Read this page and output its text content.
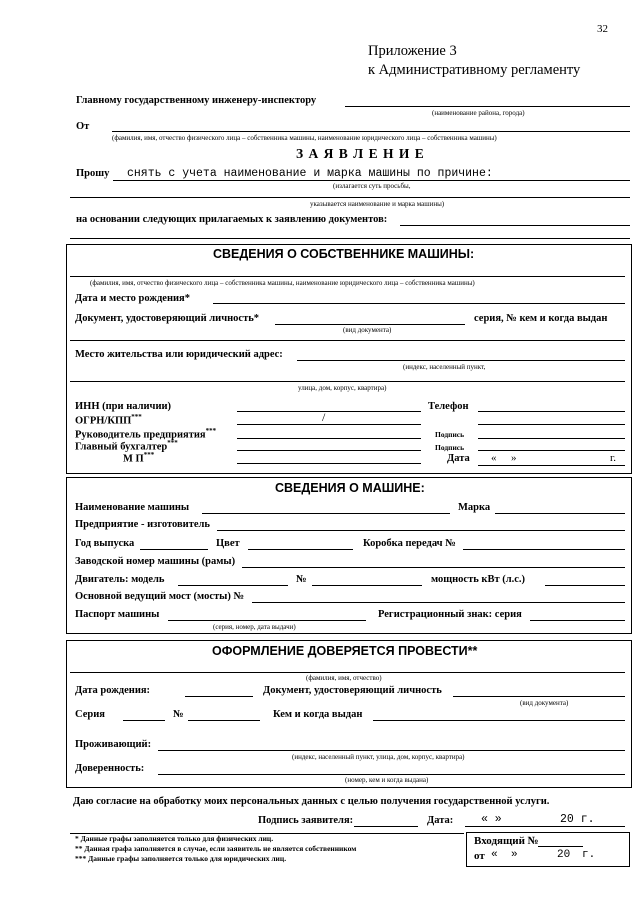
32
Приложение 3
к Административному регламенту
Главному государственному инженеру-инспектору
(наименование района, города)
От
(фамилия, имя, отчество физического лица – собственника машины, наименование юридического лица – собственника машины)
З А Я В Л Е Н И Е
Прошу снять с учета наименование и марка машины по причине:
(излагается суть просьбы,
указывается наименование и марка машины)
на основании следующих прилагаемых к заявлению документов:
СВЕДЕНИЯ О СОБСТВЕННИКЕ МАШИНЫ:
(фамилия, имя, отчество физического лица – собственника машины, наименование юридического лица – собственника машины)
Дата и место рождения*
Документ, удостоверяющий личность*	серия, № кем и когда выдан
(вид документа)
Место жительства или юридический адрес:
(индекс, населенный пункт,
улица, дом, корпус, квартира)
ИНН (при наличии)	Телефон
ОГРН/КПП***	/
Руководитель предприятия***	Подпись
Главный бухгалтер***	Подпись
М П***	Дата « »	г.
СВЕДЕНИЯ О МАШИНЕ:
Наименование машины	Марка
Предприятие - изготовитель
Год выпуска	Цвет	Коробка передач №
Заводской номер машины (рамы)
Двигатель: модель	№	мощность кВт (л.с.)
Основной ведущий мост (мосты) №
Паспорт машины	Регистрационный знак: серия
(серия, номер, дата выдачи)
ОФОРМЛЕНИЕ ДОВЕРЯЕТСЯ ПРОВЕСТИ**
(фамилия, имя, отчество)
Дата рождения:	Документ, удостоверяющий личность
(вид документа)
Серия	№	Кем и когда выдан
Проживающий:
(индекс, населенный пункт, улица, дом, корпус, квартира)
Доверенность:
(номер, кем и когда выдана)
Даю согласие на обработку моих персональных данных с целью получения государственной услуги.
Подпись заявителя:	Дата: « »	20 г.
* Данные графы заполняется только для физических лиц.
** Данная графа заполняется в случае, если заявитель не является собственником
*** Данные графы заполняется только для юридических лиц.
Входящий №
от « »	20 г.
